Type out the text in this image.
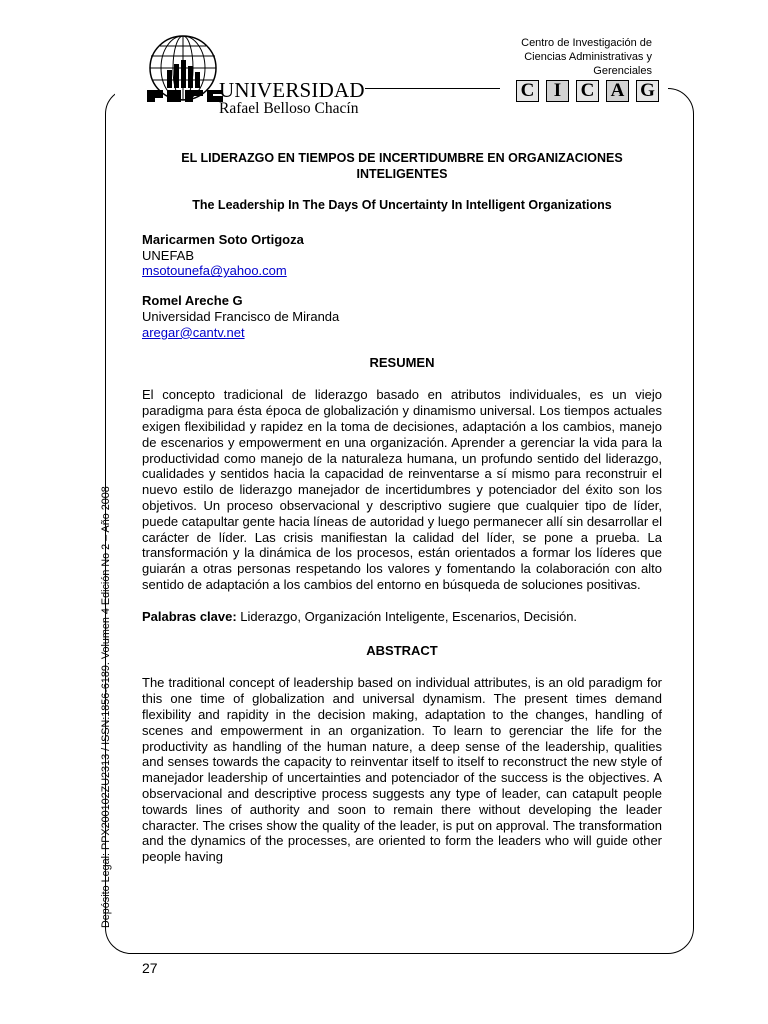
UNIVERSIDAD
Rafael Belloso Chacín
Centro de Investigación de Ciencias Administrativas y Gerenciales
C	I	C A G
Depósito Legal: PPX200102ZU2313 / ISSN:1856-6189. Volumen 4 Edición No 2 – Año 2008
EL LIDERAZGO EN TIEMPOS DE INCERTIDUMBRE EN ORGANIZACIONES INTELIGENTES
The Leadership In The Days Of Uncertainty In Intelligent Organizations
Maricarmen Soto Ortigoza
UNEFAB
msotounefa@yahoo.com
Romel Areche G
Universidad Francisco de Miranda
aregar@cantv.net
RESUMEN
El concepto tradicional de liderazgo basado en atributos individuales, es un viejo paradigma para ésta época de globalización y dinamismo universal. Los tiempos actuales exigen flexibilidad y rapidez en la toma de decisiones, adaptación a los cambios, manejo de escenarios y empowerment en una organización. Aprender a gerenciar la vida para la productividad como manejo de la naturaleza humana, un profundo sentido del liderazgo, cualidades y sentidos hacia la capacidad de reinventarse a sí mismo para reconstruir el nuevo estilo de liderazgo manejador de incertidumbres y potenciador del éxito son los objetivos. Un proceso observacional y descriptivo sugiere que cualquier tipo de líder, puede catapultar gente hacia líneas de autoridad y luego permanecer allí sin desarrollar el carácter de líder. Las crisis manifiestan la calidad del líder, se pone a prueba. La transformación y la dinámica de los procesos, están orientados a formar los líderes que guiarán a otras personas respetando los valores y fomentando la colaboración con alto sentido de adaptación a los cambios del entorno en búsqueda de soluciones positivas.
Palabras clave: Liderazgo, Organización Inteligente, Escenarios, Decisión.
ABSTRACT
The traditional concept of leadership based on individual attributes, is an old paradigm for this one time of globalization and universal dynamism. The present times demand flexibility and rapidity in the decision making, adaptation to the changes, handling of scenes and empowerment in an organization. To learn to gerenciar the life for the productivity as handling of the human nature, a deep sense of the leadership, qualities and senses towards the capacity to reinventar itself to itself to reconstruct the new style of manejador leadership of uncertainties and potenciador of the success is the objectives. A observacional and descriptive process suggests any type of leader, can catapult people towards lines of authority and soon to remain there without developing the leader character. The crises show the quality of the leader, is put on approval. The transformation and the dynamics of the processes, are oriented to form the leaders who will guide other people having
27
